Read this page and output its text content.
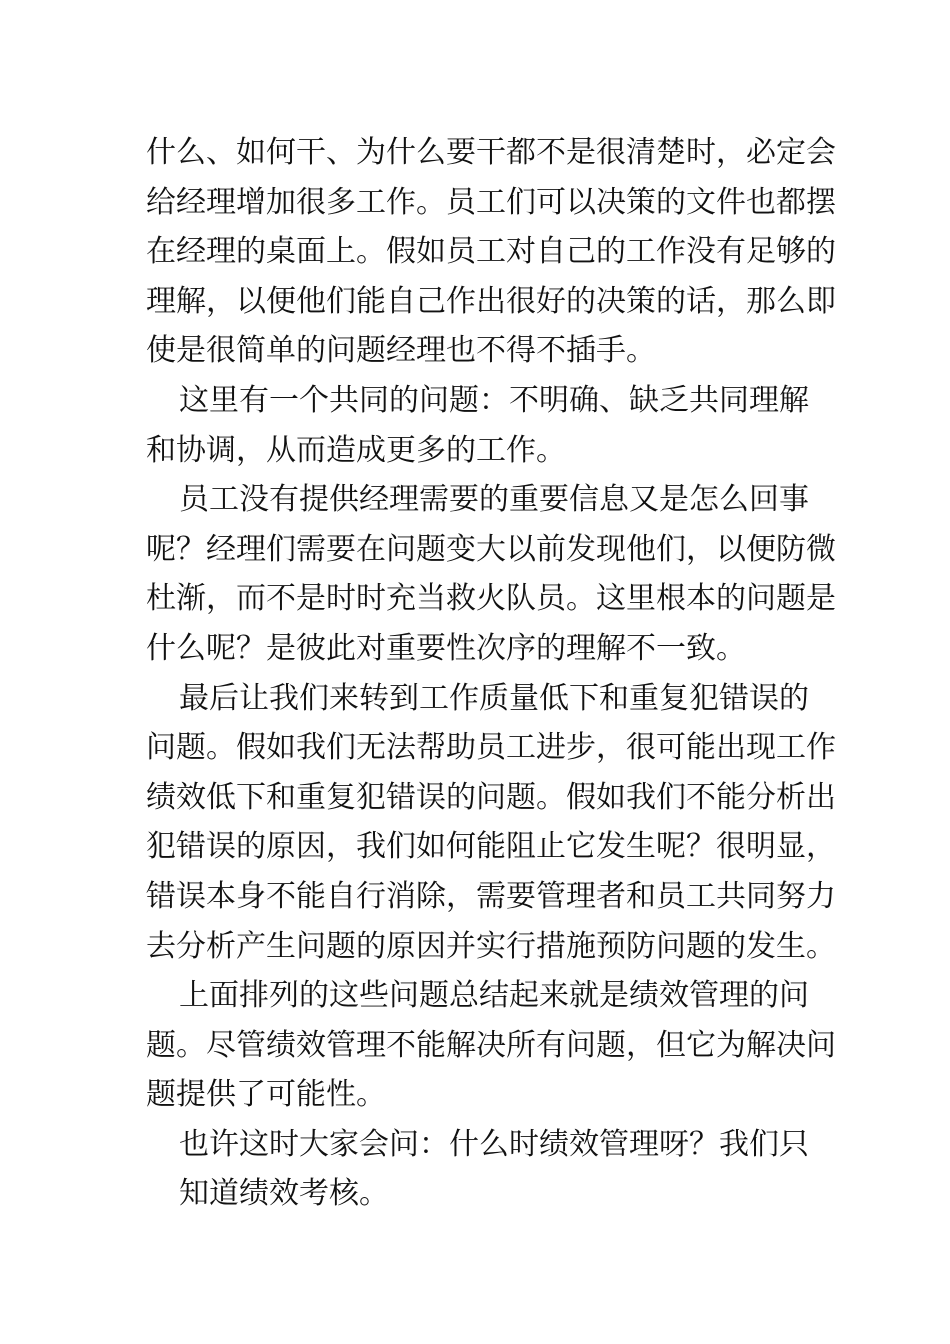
什么、如何干、为什么要干都不是很清楚时，必定会
给经理增加很多工作。员工们可以决策的文件也都摆
在经理的桌面上。假如员工对自己的工作没有足够的
理解，以便他们能自己作出很好的决策的话，那么即
使是很简单的问题经理也不得不插手。
这里有一个共同的问题：不明确、缺乏共同理解
和协调，从而造成更多的工作。
员工没有提供经理需要的重要信息又是怎么回事
呢？经理们需要在问题变大以前发现他们，以便防微
杜渐，而不是时时充当救火队员。这里根本的问题是
什么呢？是彼此对重要性次序的理解不一致。
最后让我们来转到工作质量低下和重复犯错误的
问题。假如我们无法帮助员工进步，很可能出现工作
绩效低下和重复犯错误的问题。假如我们不能分析出
犯错误的原因，我们如何能阻止它发生呢？很明显，
错误本身不能自行消除，需要管理者和员工共同努力
去分析产生问题的原因并实行措施预防问题的发生。
上面排列的这些问题总结起来就是绩效管理的问
题。尽管绩效管理不能解决所有问题，但它为解决问
题提供了可能性。
也许这时大家会问：什么时绩效管理呀？我们只
知道绩效考核。
